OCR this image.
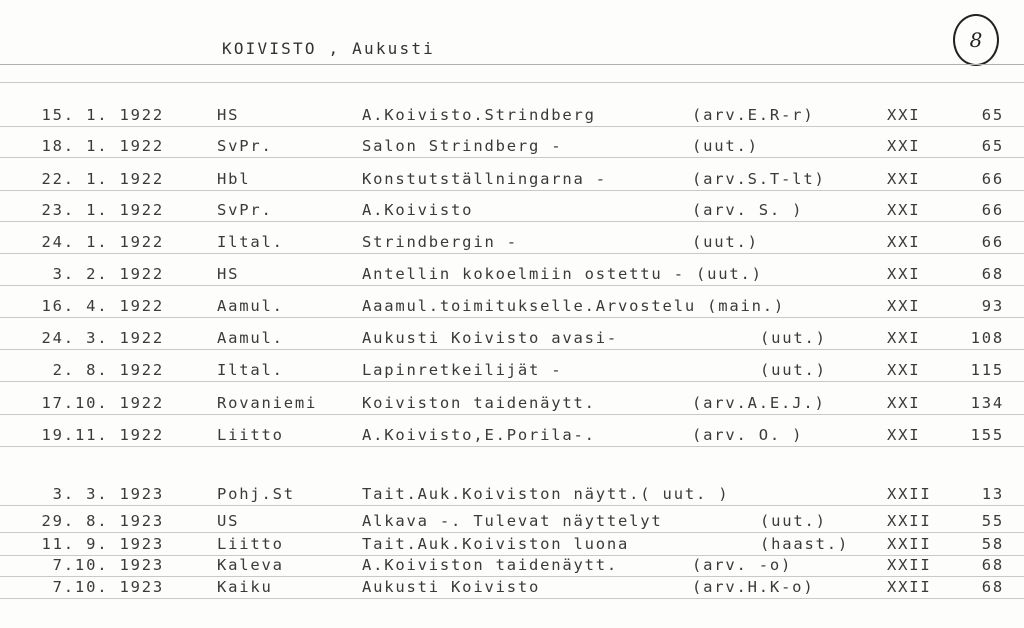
KOIVISTO , Aukusti	8
15. 1. 1922	HS	A.Koivisto.Strindberg	(arv.E.R-r)	XXI	65
18. 1. 1922	SvPr.	Salon Strindberg -	(uut.)	XXI	65
22. 1. 1922	Hbl	Konstutställningarna -	(arv.S.T-lt)	XXI	66
23. 1. 1922	SvPr.	A.Koivisto	(arv. S. )	XXI	66
24. 1. 1922	Iltal.	Strindbergin -	(uut.)	XXI	66
3. 2. 1922	HS	Antellin kokoelmiin ostettu - (uut.)	XXI	68
16. 4. 1922	Aamul.	Aaamul.toimitukselle.Arvostelu (main.)	XXI	93
24. 3. 1922	Aamul.	Aukusti Koivisto avasi-	(uut.)	XXI	108
2. 8. 1922	Iltal.	Lapinretkeilijät -	(uut.)	XXI	115
17.10. 1922	Rovaniemi	Koiviston taidenäytt.	(arv.A.E.J.)	XXI	134
19.11. 1922	Liitto	A.Koivisto,E.Porila-.	(arv. O. )	XXI	155
3. 3. 1923	Pohj.St	Tait.Auk.Koiviston näytt.( uut. )	XXII	13
29. 8. 1923	US	Alkava -. Tulevat näyttelyt	(uut.)	XXII	55
11. 9. 1923	Liitto	Tait.Auk.Koiviston luona	(haast.) XXII	58
7.10. 1923	Kaleva	A.Koiviston taidenäytt.	(arv. -o)	XXII	68
7.10. 1923	Kaiku	Aukusti Koivisto	(arv.H.K-o)	XXII	68
